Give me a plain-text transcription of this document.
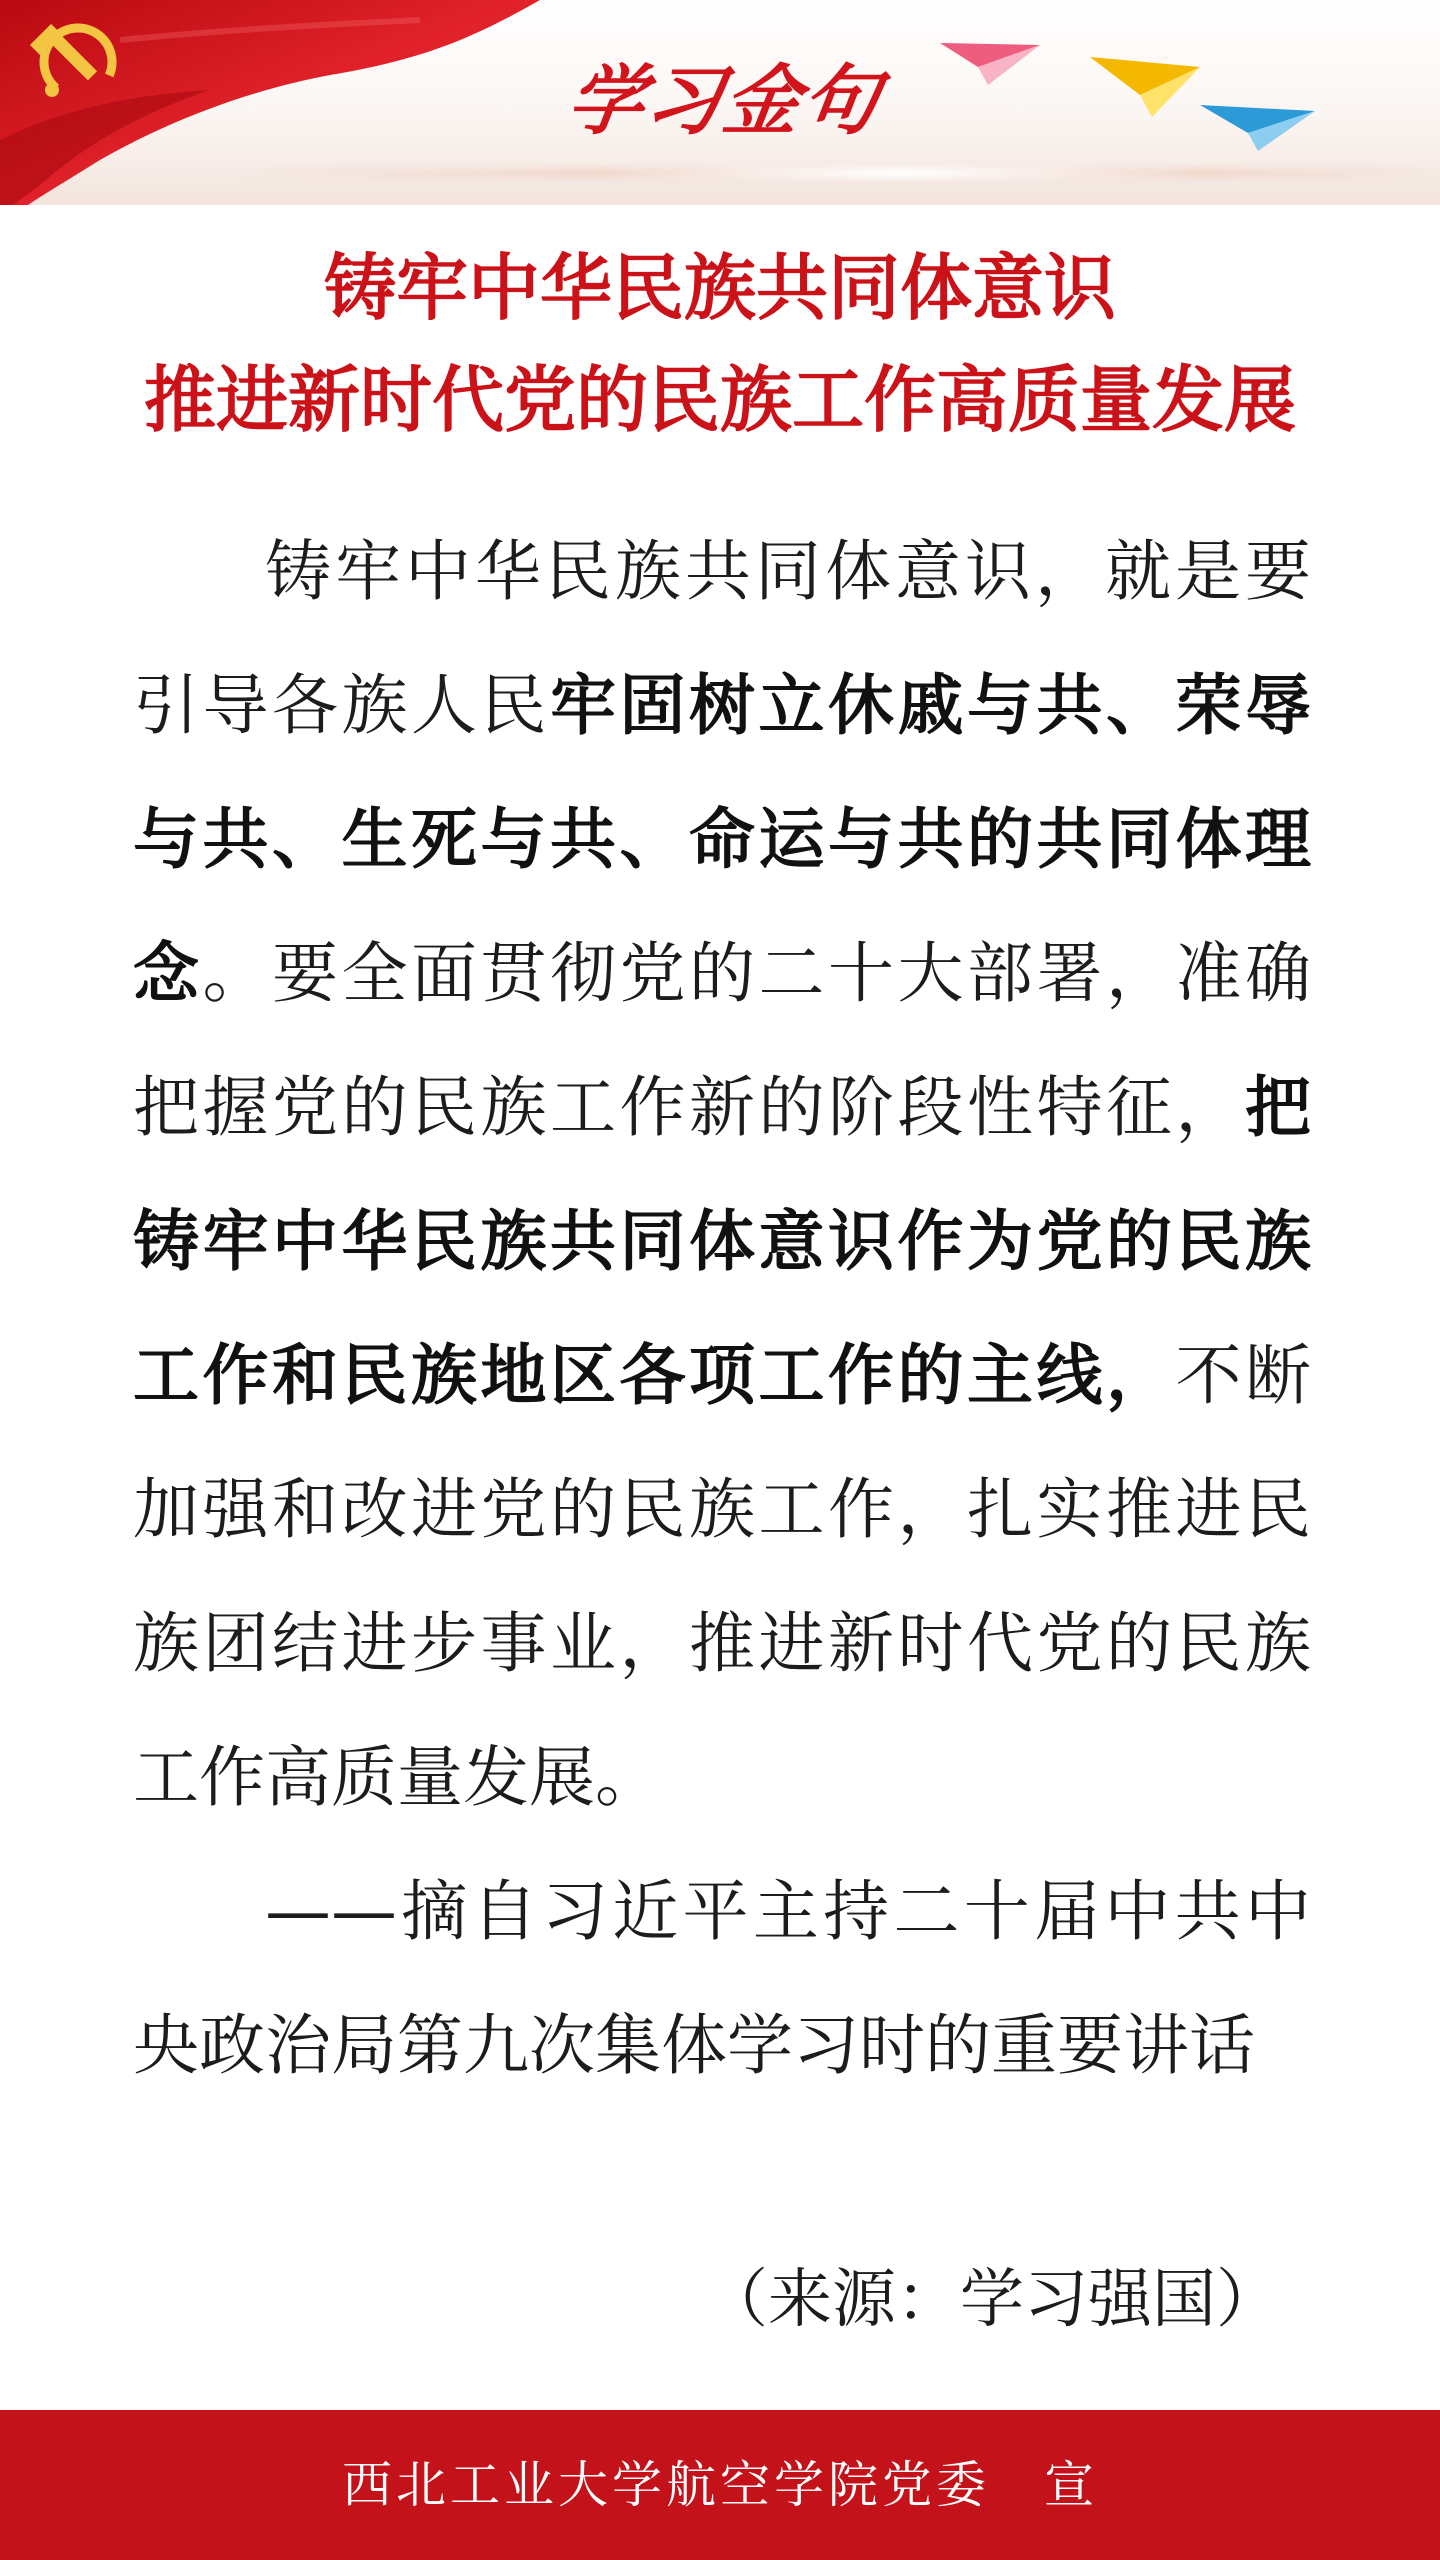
学习金句
铸牢中华民族共同体意识
推进新时代党的民族工作高质量发展

铸牢中华民族共同体意识，就是要引导各族人民牢固树立休戚与共、荣辱与共、生死与共、命运与共的共同体理念。要全面贯彻党的二十大部署，准确把握党的民族工作新的阶段性特征，把铸牢中华民族共同体意识作为党的民族工作和民族地区各项工作的主线，不断加强和改进党的民族工作，扎实推进民族团结进步事业，推进新时代党的民族工作高质量发展。

——摘自习近平主持二十届中共中央政治局第九次集体学习时的重要讲话

（来源：学习强国）
西北工业大学航空学院党委　宣
